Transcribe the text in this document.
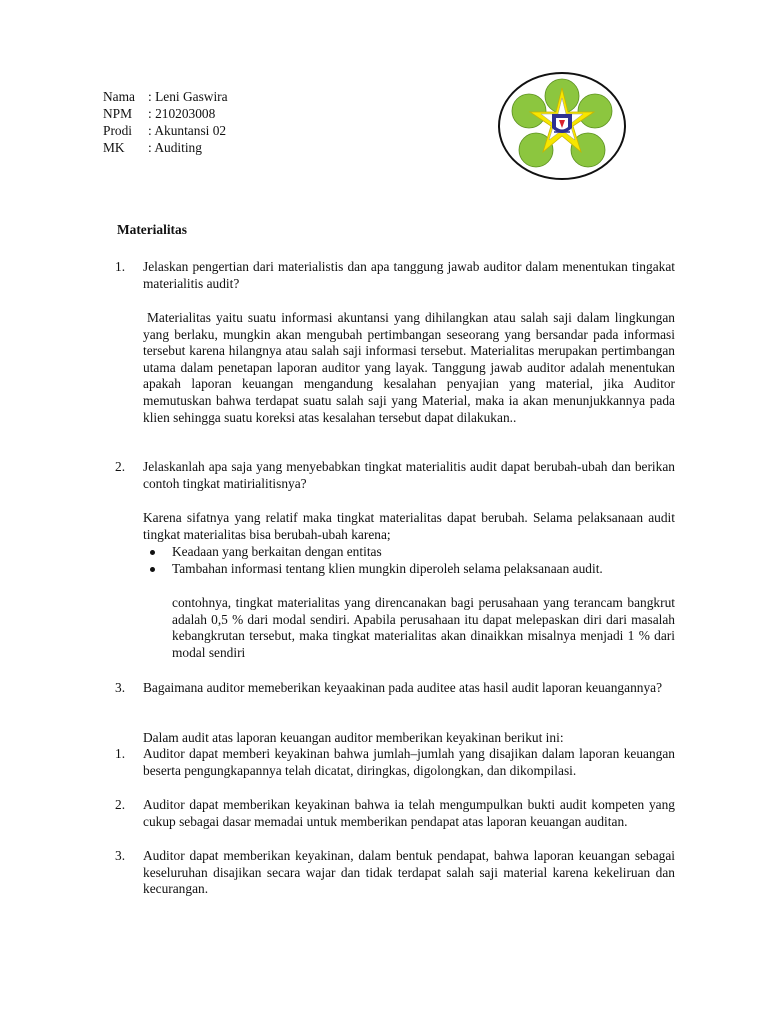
Nama : Leni Gaswira
NPM	: 210203008
Prodi	: Akuntansi 02
MK	: Auditing
Materialitas
1.	Jelaskan pengertian dari materialistis dan apa tanggung jawab auditor dalam menentukan tingakat materialitis audit?
Materialitas yaitu suatu informasi akuntansi yang dihilangkan atau salah saji dalam lingkungan yang berlaku, mungkin akan mengubah pertimbangan seseorang yang bersandar pada informasi tersebut karena hilangnya atau salah saji informasi tersebut. Materialitas merupakan pertimbangan utama dalam penetapan laporan auditor yang layak. Tanggung jawab auditor adalah menentukan apakah laporan keuangan mengandung kesalahan penyajian yang material, jika Auditor memutuskan bahwa terdapat suatu salah saji yang Material, maka ia akan menunjukkannya pada klien sehingga suatu koreksi atas kesalahan tersebut dapat dilakukan..
2.	Jelaskanlah apa saja yang menyebabkan tingkat materialitis audit dapat berubah-ubah dan berikan contoh tingkat matirialitisnya?
Karena sifatnya yang relatif maka tingkat materialitas dapat berubah. Selama pelaksanaan audit tingkat materialitas bisa berubah-ubah karena;
Keadaan yang berkaitan dengan entitas
Tambahan informasi tentang klien mungkin diperoleh selama pelaksanaan audit.
contohnya, tingkat materialitas yang direncanakan bagi perusahaan yang terancam bangkrut adalah 0,5 % dari modal sendiri. Apabila perusahaan itu dapat melepaskan diri dari masalah kebangkrutan tersebut, maka tingkat materialitas akan dinaikkan misalnya menjadi 1 % dari modal sendiri
3.	Bagaimana auditor memeberikan keyaakinan pada auditee atas hasil audit laporan keuangannya?
Dalam audit atas laporan keuangan auditor memberikan keyakinan berikut ini:
1.	Auditor dapat memberi keyakinan bahwa jumlah–jumlah yang disajikan dalam laporan keuangan beserta pengungkapannya telah dicatat, diringkas, digolongkan, dan dikompilasi.
2.	Auditor dapat memberikan keyakinan bahwa ia telah mengumpulkan bukti audit kompeten yang cukup sebagai dasar memadai untuk memberikan pendapat atas laporan keuangan auditan.
3.	Auditor dapat memberikan keyakinan, dalam bentuk pendapat, bahwa laporan keuangan sebagai keseluruhan disajikan secara wajar dan tidak terdapat salah saji material karena kekeliruan dan kecurangan.
